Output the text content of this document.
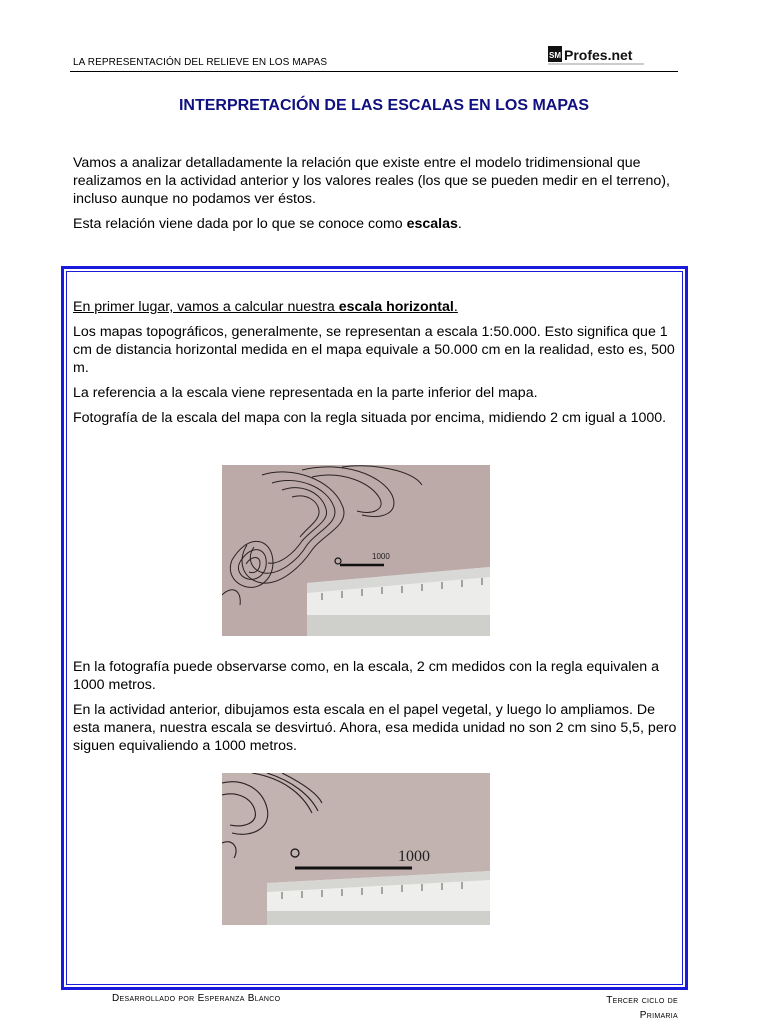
LA REPRESENTACIÓN DEL RELIEVE EN LOS MAPAS
SM Profes.net
INTERPRETACIÓN DE LAS ESCALAS EN LOS MAPAS

Vamos a analizar detalladamente la relación que existe entre el modelo tridimensional que realizamos en la actividad anterior y los valores reales (los que se pueden medir en el terreno), incluso aunque no podamos ver éstos.

Esta relación viene dada por lo que se conoce como escalas.

En primer lugar, vamos a calcular nuestra escala horizontal.

Los mapas topográficos, generalmente, se representan a escala 1:50.000. Esto significa que 1 cm de distancia horizontal medida en el mapa equivale a 50.000 cm en la realidad, esto es, 500 m.

La referencia a la escala viene representada en la parte inferior del mapa.

Fotografía de la escala del mapa con la regla situada por encima, midiendo 2 cm igual a 1000.

1000

En la fotografía puede observarse como, en la escala, 2 cm medidos con la regla equivalen a 1000 metros.

En la actividad anterior, dibujamos esta escala en el papel vegetal, y luego lo ampliamos. De esta manera, nuestra escala se desvirtuó. Ahora, esa medida unidad no son 2 cm sino 5,5, pero siguen equivaliendo a 1000 metros.

1000
Desarrollado por Esperanza Blanco	Tercer ciclo de
Primaria
